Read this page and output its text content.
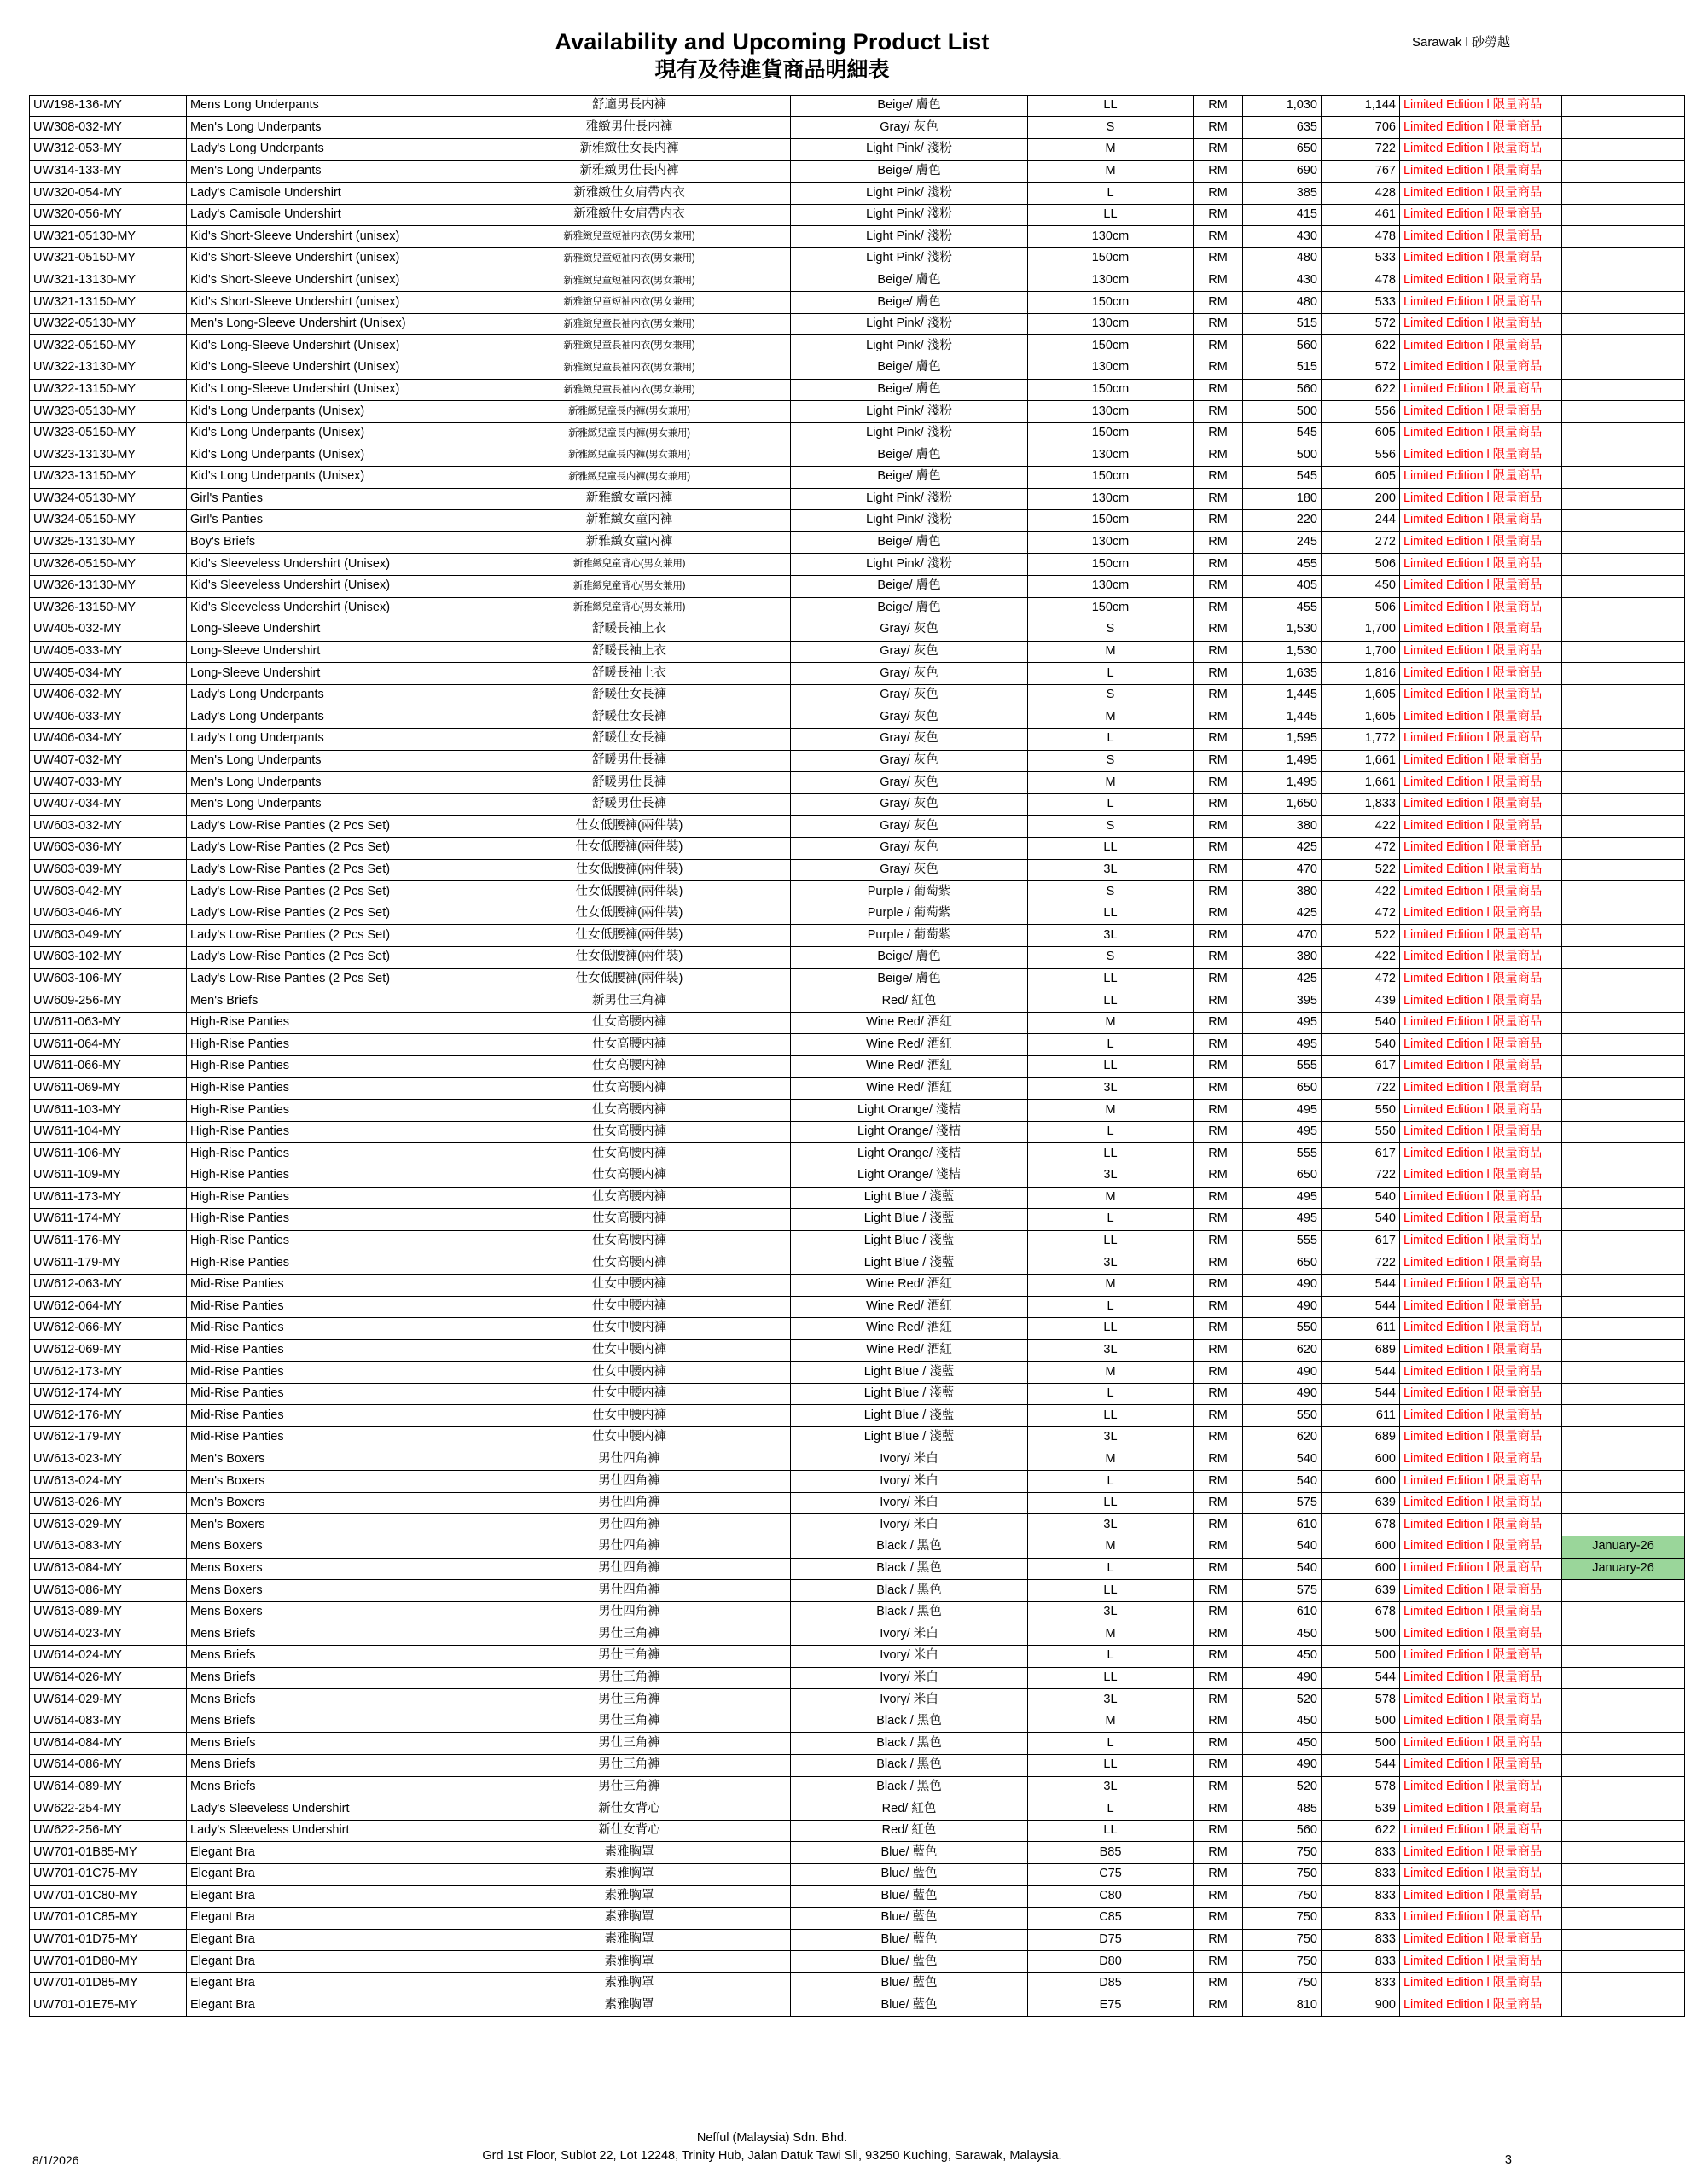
Sarawak l 砂勞越
Availability and Upcoming Product List
現有及待進貨商品明細表
UW198-136-MY	Mens Long Underpants	舒適男長内褲	Beige/ 膚色	LL	RM	1,030	1,144	Limited Edition l 限量商品	
UW308-032-MY	Men's Long Underpants	雅緻男仕長内褲	Gray/ 灰色	S	RM	635	706	Limited Edition l 限量商品	
UW312-053-MY	Lady's Long Underpants	新雅緻仕女長内褲	Light Pink/ 淺粉	M	RM	650	722	Limited Edition l 限量商品	
UW314-133-MY	Men's Long Underpants	新雅緻男仕長内褲	Beige/ 膚色	M	RM	690	767	Limited Edition l 限量商品	
UW320-054-MY	Lady's Camisole Undershirt	新雅緻仕女肩帶内衣	Light Pink/ 淺粉	L	RM	385	428	Limited Edition l 限量商品	
UW320-056-MY	Lady's Camisole Undershirt	新雅緻仕女肩帶内衣	Light Pink/ 淺粉	LL	RM	415	461	Limited Edition l 限量商品	
UW321-05130-MY	Kid's Short-Sleeve Undershirt (unisex)	新雅緻兒童短袖内衣(男女兼用)	Light Pink/ 淺粉	130cm	RM	430	478	Limited Edition l 限量商品	
UW321-05150-MY	Kid's Short-Sleeve Undershirt (unisex)	新雅緻兒童短袖内衣(男女兼用)	Light Pink/ 淺粉	150cm	RM	480	533	Limited Edition l 限量商品	
UW321-13130-MY	Kid's Short-Sleeve Undershirt (unisex)	新雅緻兒童短袖内衣(男女兼用)	Beige/ 膚色	130cm	RM	430	478	Limited Edition l 限量商品	
UW321-13150-MY	Kid's Short-Sleeve Undershirt (unisex)	新雅緻兒童短袖内衣(男女兼用)	Beige/ 膚色	150cm	RM	480	533	Limited Edition l 限量商品	
UW322-05130-MY	Men's Long-Sleeve Undershirt (Unisex)	新雅緻兒童長袖内衣(男女兼用)	Light Pink/ 淺粉	130cm	RM	515	572	Limited Edition l 限量商品	
UW322-05150-MY	Kid's Long-Sleeve Undershirt (Unisex)	新雅緻兒童長袖内衣(男女兼用)	Light Pink/ 淺粉	150cm	RM	560	622	Limited Edition l 限量商品	
UW322-13130-MY	Kid's Long-Sleeve Undershirt (Unisex)	新雅緻兒童長袖内衣(男女兼用)	Beige/ 膚色	130cm	RM	515	572	Limited Edition l 限量商品	
UW322-13150-MY	Kid's Long-Sleeve Undershirt (Unisex)	新雅緻兒童長袖内衣(男女兼用)	Beige/ 膚色	150cm	RM	560	622	Limited Edition l 限量商品	
UW323-05130-MY	Kid's Long Underpants (Unisex)	新雅緻兒童長内褲(男女兼用)	Light Pink/ 淺粉	130cm	RM	500	556	Limited Edition l 限量商品	
UW323-05150-MY	Kid's Long Underpants (Unisex)	新雅緻兒童長内褲(男女兼用)	Light Pink/ 淺粉	150cm	RM	545	605	Limited Edition l 限量商品	
UW323-13130-MY	Kid's Long Underpants (Unisex)	新雅緻兒童長内褲(男女兼用)	Beige/ 膚色	130cm	RM	500	556	Limited Edition l 限量商品	
UW323-13150-MY	Kid's Long Underpants (Unisex)	新雅緻兒童長内褲(男女兼用)	Beige/ 膚色	150cm	RM	545	605	Limited Edition l 限量商品	
UW324-05130-MY	Girl's Panties	新雅緻女童内褲	Light Pink/ 淺粉	130cm	RM	180	200	Limited Edition l 限量商品	
UW324-05150-MY	Girl's Panties	新雅緻女童内褲	Light Pink/ 淺粉	150cm	RM	220	244	Limited Edition l 限量商品	
UW325-13130-MY	Boy's Briefs	新雅緻女童内褲	Beige/ 膚色	130cm	RM	245	272	Limited Edition l 限量商品	
UW326-05150-MY	Kid's Sleeveless Undershirt (Unisex)	新雅緻兒童背心(男女兼用)	Light Pink/ 淺粉	150cm	RM	455	506	Limited Edition l 限量商品	
UW326-13130-MY	Kid's Sleeveless Undershirt (Unisex)	新雅緻兒童背心(男女兼用)	Beige/ 膚色	130cm	RM	405	450	Limited Edition l 限量商品	
UW326-13150-MY	Kid's Sleeveless Undershirt (Unisex)	新雅緻兒童背心(男女兼用)	Beige/ 膚色	150cm	RM	455	506	Limited Edition l 限量商品	
UW405-032-MY	Long-Sleeve Undershirt	舒暖長袖上衣	Gray/ 灰色	S	RM	1,530	1,700	Limited Edition l 限量商品	
UW405-033-MY	Long-Sleeve Undershirt	舒暖長袖上衣	Gray/ 灰色	M	RM	1,530	1,700	Limited Edition l 限量商品	
UW405-034-MY	Long-Sleeve Undershirt	舒暖長袖上衣	Gray/ 灰色	L	RM	1,635	1,816	Limited Edition l 限量商品	
UW406-032-MY	Lady's Long Underpants	舒暖仕女長褲	Gray/ 灰色	S	RM	1,445	1,605	Limited Edition l 限量商品	
UW406-033-MY	Lady's Long Underpants	舒暖仕女長褲	Gray/ 灰色	M	RM	1,445	1,605	Limited Edition l 限量商品	
UW406-034-MY	Lady's Long Underpants	舒暖仕女長褲	Gray/ 灰色	L	RM	1,595	1,772	Limited Edition l 限量商品	
UW407-032-MY	Men's Long Underpants	舒暖男仕長褲	Gray/ 灰色	S	RM	1,495	1,661	Limited Edition l 限量商品	
UW407-033-MY	Men's Long Underpants	舒暖男仕長褲	Gray/ 灰色	M	RM	1,495	1,661	Limited Edition l 限量商品	
UW407-034-MY	Men's Long Underpants	舒暖男仕長褲	Gray/ 灰色	L	RM	1,650	1,833	Limited Edition l 限量商品	
UW603-032-MY	Lady's Low-Rise Panties (2 Pcs Set)	仕女低腰褲(兩件裝)	Gray/ 灰色	S	RM	380	422	Limited Edition l 限量商品	
UW603-036-MY	Lady's Low-Rise Panties (2 Pcs Set)	仕女低腰褲(兩件裝)	Gray/ 灰色	LL	RM	425	472	Limited Edition l 限量商品	
UW603-039-MY	Lady's Low-Rise Panties (2 Pcs Set)	仕女低腰褲(兩件裝)	Gray/ 灰色	3L	RM	470	522	Limited Edition l 限量商品	
UW603-042-MY	Lady's Low-Rise Panties (2 Pcs Set)	仕女低腰褲(兩件裝)	Purple / 葡萄紫	S	RM	380	422	Limited Edition l 限量商品	
UW603-046-MY	Lady's Low-Rise Panties (2 Pcs Set)	仕女低腰褲(兩件裝)	Purple / 葡萄紫	LL	RM	425	472	Limited Edition l 限量商品	
UW603-049-MY	Lady's Low-Rise Panties (2 Pcs Set)	仕女低腰褲(兩件裝)	Purple / 葡萄紫	3L	RM	470	522	Limited Edition l 限量商品	
UW603-102-MY	Lady's Low-Rise Panties (2 Pcs Set)	仕女低腰褲(兩件裝)	Beige/ 膚色	S	RM	380	422	Limited Edition l 限量商品	
UW603-106-MY	Lady's Low-Rise Panties (2 Pcs Set)	仕女低腰褲(兩件裝)	Beige/ 膚色	LL	RM	425	472	Limited Edition l 限量商品	
UW609-256-MY	Men's Briefs	新男仕三角褲	Red/ 紅色	LL	RM	395	439	Limited Edition l 限量商品	
UW611-063-MY	High-Rise Panties	仕女高腰内褲	Wine Red/ 酒紅	M	RM	495	540	Limited Edition l 限量商品	
UW611-064-MY	High-Rise Panties	仕女高腰内褲	Wine Red/ 酒紅	L	RM	495	540	Limited Edition l 限量商品	
UW611-066-MY	High-Rise Panties	仕女高腰内褲	Wine Red/ 酒紅	LL	RM	555	617	Limited Edition l 限量商品	
UW611-069-MY	High-Rise Panties	仕女高腰内褲	Wine Red/ 酒紅	3L	RM	650	722	Limited Edition l 限量商品	
UW611-103-MY	High-Rise Panties	仕女高腰内褲	Light Orange/ 淺桔	M	RM	495	550	Limited Edition l 限量商品	
UW611-104-MY	High-Rise Panties	仕女高腰内褲	Light Orange/ 淺桔	L	RM	495	550	Limited Edition l 限量商品	
UW611-106-MY	High-Rise Panties	仕女高腰内褲	Light Orange/ 淺桔	LL	RM	555	617	Limited Edition l 限量商品	
UW611-109-MY	High-Rise Panties	仕女高腰内褲	Light Orange/ 淺桔	3L	RM	650	722	Limited Edition l 限量商品	
UW611-173-MY	High-Rise Panties	仕女高腰内褲	Light Blue / 淺藍	M	RM	495	540	Limited Edition l 限量商品	
UW611-174-MY	High-Rise Panties	仕女高腰内褲	Light Blue / 淺藍	L	RM	495	540	Limited Edition l 限量商品	
UW611-176-MY	High-Rise Panties	仕女高腰内褲	Light Blue / 淺藍	LL	RM	555	617	Limited Edition l 限量商品	
UW611-179-MY	High-Rise Panties	仕女高腰内褲	Light Blue / 淺藍	3L	RM	650	722	Limited Edition l 限量商品	
UW612-063-MY	Mid-Rise Panties	仕女中腰内褲	Wine Red/ 酒紅	M	RM	490	544	Limited Edition l 限量商品	
UW612-064-MY	Mid-Rise Panties	仕女中腰内褲	Wine Red/ 酒紅	L	RM	490	544	Limited Edition l 限量商品	
UW612-066-MY	Mid-Rise Panties	仕女中腰内褲	Wine Red/ 酒紅	LL	RM	550	611	Limited Edition l 限量商品	
UW612-069-MY	Mid-Rise Panties	仕女中腰内褲	Wine Red/ 酒紅	3L	RM	620	689	Limited Edition l 限量商品	
UW612-173-MY	Mid-Rise Panties	仕女中腰内褲	Light Blue / 淺藍	M	RM	490	544	Limited Edition l 限量商品	
UW612-174-MY	Mid-Rise Panties	仕女中腰内褲	Light Blue / 淺藍	L	RM	490	544	Limited Edition l 限量商品	
UW612-176-MY	Mid-Rise Panties	仕女中腰内褲	Light Blue / 淺藍	LL	RM	550	611	Limited Edition l 限量商品	
UW612-179-MY	Mid-Rise Panties	仕女中腰内褲	Light Blue / 淺藍	3L	RM	620	689	Limited Edition l 限量商品	
UW613-023-MY	Men's Boxers	男仕四角褲	Ivory/ 米白	M	RM	540	600	Limited Edition l 限量商品	
UW613-024-MY	Men's Boxers	男仕四角褲	Ivory/ 米白	L	RM	540	600	Limited Edition l 限量商品	
UW613-026-MY	Men's Boxers	男仕四角褲	Ivory/ 米白	LL	RM	575	639	Limited Edition l 限量商品	
UW613-029-MY	Men's Boxers	男仕四角褲	Ivory/ 米白	3L	RM	610	678	Limited Edition l 限量商品	
UW613-083-MY	Mens Boxers	男仕四角褲	Black / 黑色	M	RM	540	600	Limited Edition l 限量商品	January-26
UW613-084-MY	Mens Boxers	男仕四角褲	Black / 黑色	L	RM	540	600	Limited Edition l 限量商品	January-26
UW613-086-MY	Mens Boxers	男仕四角褲	Black / 黑色	LL	RM	575	639	Limited Edition l 限量商品	
UW613-089-MY	Mens Boxers	男仕四角褲	Black / 黑色	3L	RM	610	678	Limited Edition l 限量商品	
UW614-023-MY	Mens Briefs	男仕三角褲	Ivory/ 米白	M	RM	450	500	Limited Edition l 限量商品	
UW614-024-MY	Mens Briefs	男仕三角褲	Ivory/ 米白	L	RM	450	500	Limited Edition l 限量商品	
UW614-026-MY	Mens Briefs	男仕三角褲	Ivory/ 米白	LL	RM	490	544	Limited Edition l 限量商品	
UW614-029-MY	Mens Briefs	男仕三角褲	Ivory/ 米白	3L	RM	520	578	Limited Edition l 限量商品	
UW614-083-MY	Mens Briefs	男仕三角褲	Black / 黑色	M	RM	450	500	Limited Edition l 限量商品	
UW614-084-MY	Mens Briefs	男仕三角褲	Black / 黑色	L	RM	450	500	Limited Edition l 限量商品	
UW614-086-MY	Mens Briefs	男仕三角褲	Black / 黑色	LL	RM	490	544	Limited Edition l 限量商品	
UW614-089-MY	Mens Briefs	男仕三角褲	Black / 黑色	3L	RM	520	578	Limited Edition l 限量商品	
UW622-254-MY	Lady's Sleeveless Undershirt	新仕女背心	Red/ 紅色	L	RM	485	539	Limited Edition l 限量商品	
UW622-256-MY	Lady's Sleeveless Undershirt	新仕女背心	Red/ 紅色	LL	RM	560	622	Limited Edition l 限量商品	
UW701-01B85-MY	Elegant Bra	素雅胸罩	Blue/ 藍色	B85	RM	750	833	Limited Edition l 限量商品	
UW701-01C75-MY	Elegant Bra	素雅胸罩	Blue/ 藍色	C75	RM	750	833	Limited Edition l 限量商品	
UW701-01C80-MY	Elegant Bra	素雅胸罩	Blue/ 藍色	C80	RM	750	833	Limited Edition l 限量商品	
UW701-01C85-MY	Elegant Bra	素雅胸罩	Blue/ 藍色	C85	RM	750	833	Limited Edition l 限量商品	
UW701-01D75-MY	Elegant Bra	素雅胸罩	Blue/ 藍色	D75	RM	750	833	Limited Edition l 限量商品	
UW701-01D80-MY	Elegant Bra	素雅胸罩	Blue/ 藍色	D80	RM	750	833	Limited Edition l 限量商品	
UW701-01D85-MY	Elegant Bra	素雅胸罩	Blue/ 藍色	D85	RM	750	833	Limited Edition l 限量商品	
UW701-01E75-MY	Elegant Bra	素雅胸罩	Blue/ 藍色	E75	RM	810	900	Limited Edition l 限量商品	
Nefful (Malaysia) Sdn. Bhd.
Grd 1st Floor, Sublot 22, Lot 12248, Trinity Hub, Jalan Datuk Tawi Sli, 93250 Kuching, Sarawak, Malaysia.
8/1/2026	3
